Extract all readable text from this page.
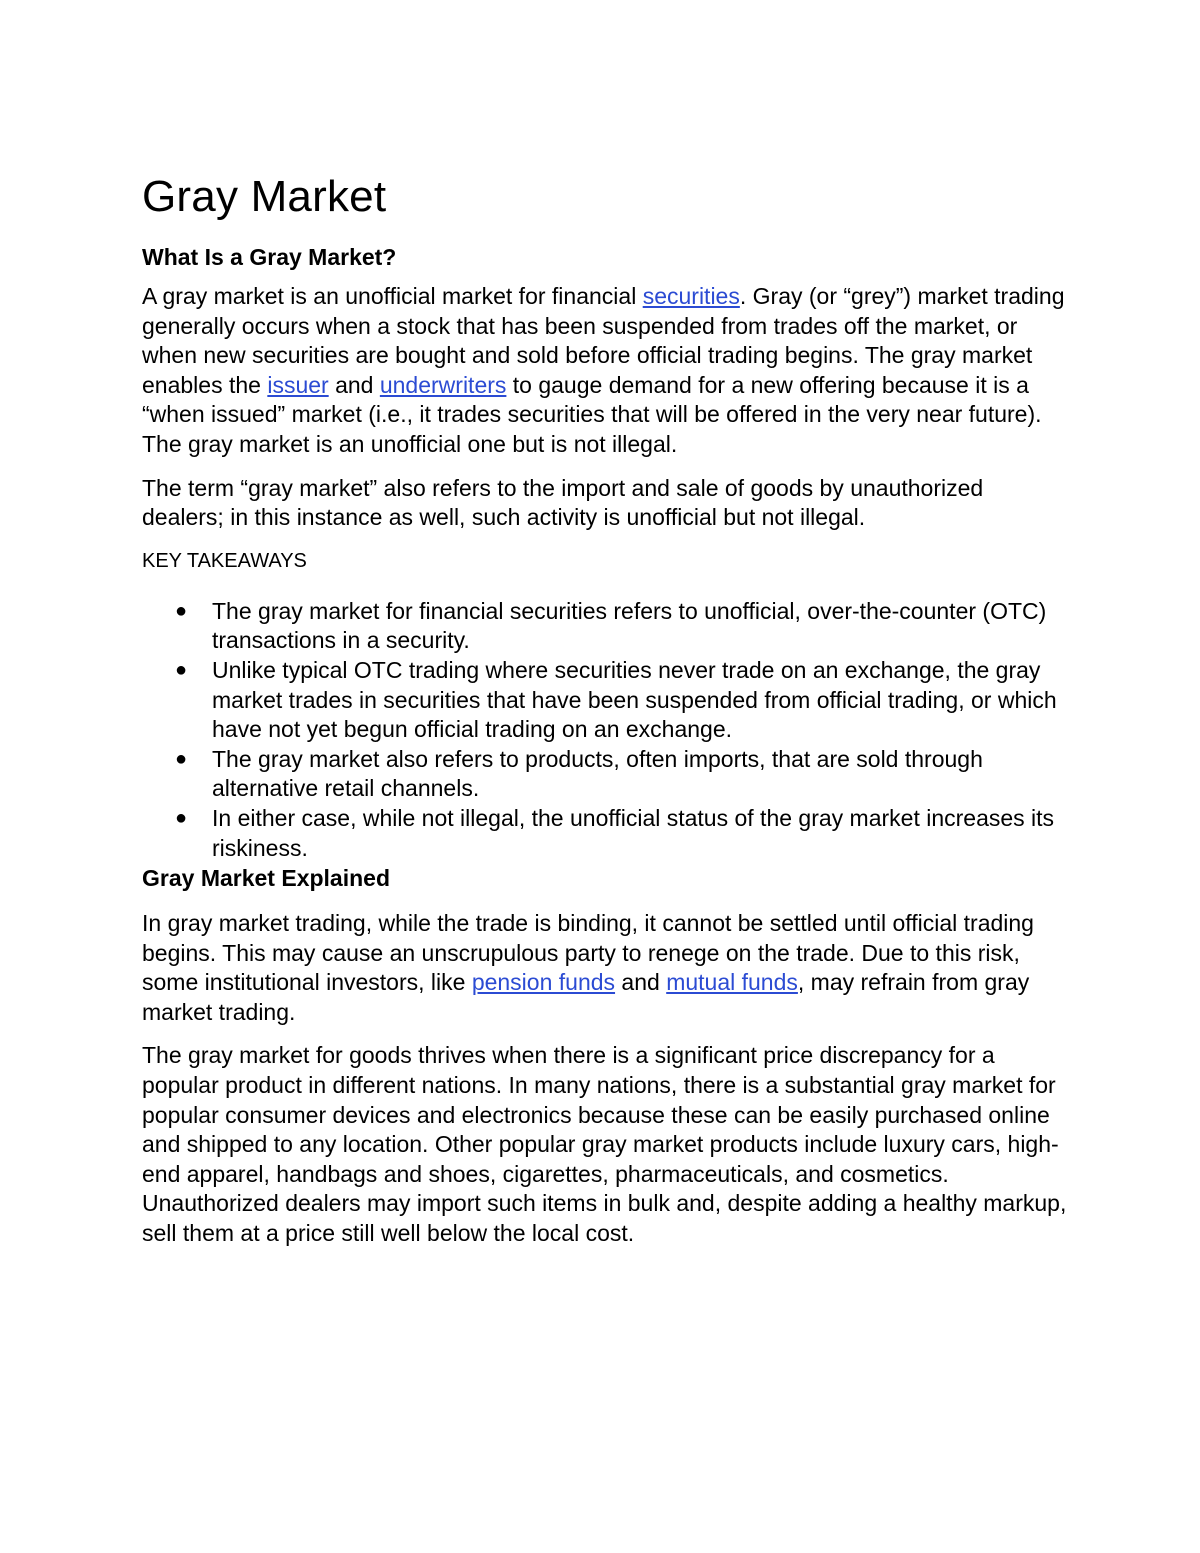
Gray Market
What Is a Gray Market?

A gray market is an unofficial market for financial securities. Gray (or “grey”) market trading generally occurs when a stock that has been suspended from trades off the market, or when new securities are bought and sold before official trading begins. The gray market enables the issuer and underwriters to gauge demand for a new offering because it is a “when issued” market (i.e., it trades securities that will be offered in the very near future). The gray market is an unofficial one but is not illegal.

The term “gray market” also refers to the import and sale of goods by unauthorized dealers; in this instance as well, such activity is unofficial but not illegal.

KEY TAKEAWAYS
● The gray market for financial securities refers to unofficial, over-the-counter (OTC) transactions in a security.
● Unlike typical OTC trading where securities never trade on an exchange, the gray market trades in securities that have been suspended from official trading, or which have not yet begun official trading on an exchange.
● The gray market also refers to products, often imports, that are sold through alternative retail channels.
● In either case, while not illegal, the unofficial status of the gray market increases its riskiness.
Gray Market Explained

In gray market trading, while the trade is binding, it cannot be settled until official trading begins. This may cause an unscrupulous party to renege on the trade. Due to this risk, some institutional investors, like pension funds and mutual funds, may refrain from gray market trading.

The gray market for goods thrives when there is a significant price discrepancy for a popular product in different nations. In many nations, there is a substantial gray market for popular consumer devices and electronics because these can be easily purchased online and shipped to any location. Other popular gray market products include luxury cars, high-end apparel, handbags and shoes, cigarettes, pharmaceuticals, and cosmetics. Unauthorized dealers may import such items in bulk and, despite adding a healthy markup, sell them at a price still well below the local cost.
